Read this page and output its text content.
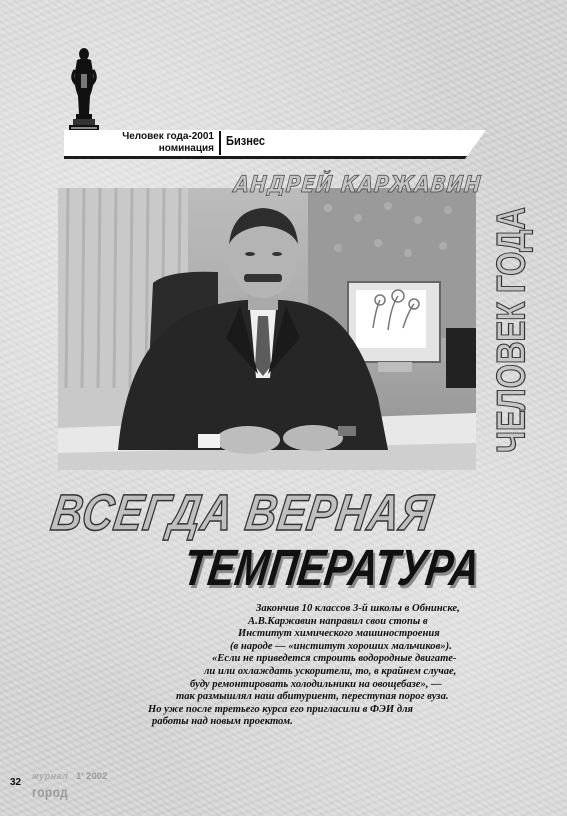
Человек года-2001
номинация
Бизнес
АНДРЕЙ КАРЖАВИН
ЧЕЛОВЕК ГОДА
ВСЕГДА ВЕРНАЯ
ТЕМПЕРАТУРА
Закончив 10 классов 3-й школы в Обнинске,
А.В.Каржавин направил свои стопы в
Институт химического машиностроения
(в народе — «институт хороших мальчиков»).
«Если не приведется строить водородные двигате-
ли или охлаждать ускорители, то, в крайнем случае,
буду ремонтировать холодильники на овощебазе», —
так размышлял наш абитуриент, переступая порог вуза.
Но уже после третьего курса его пригласили в ФЭИ для
работы над новым проектом.
32
журнал 1' 2002
город
